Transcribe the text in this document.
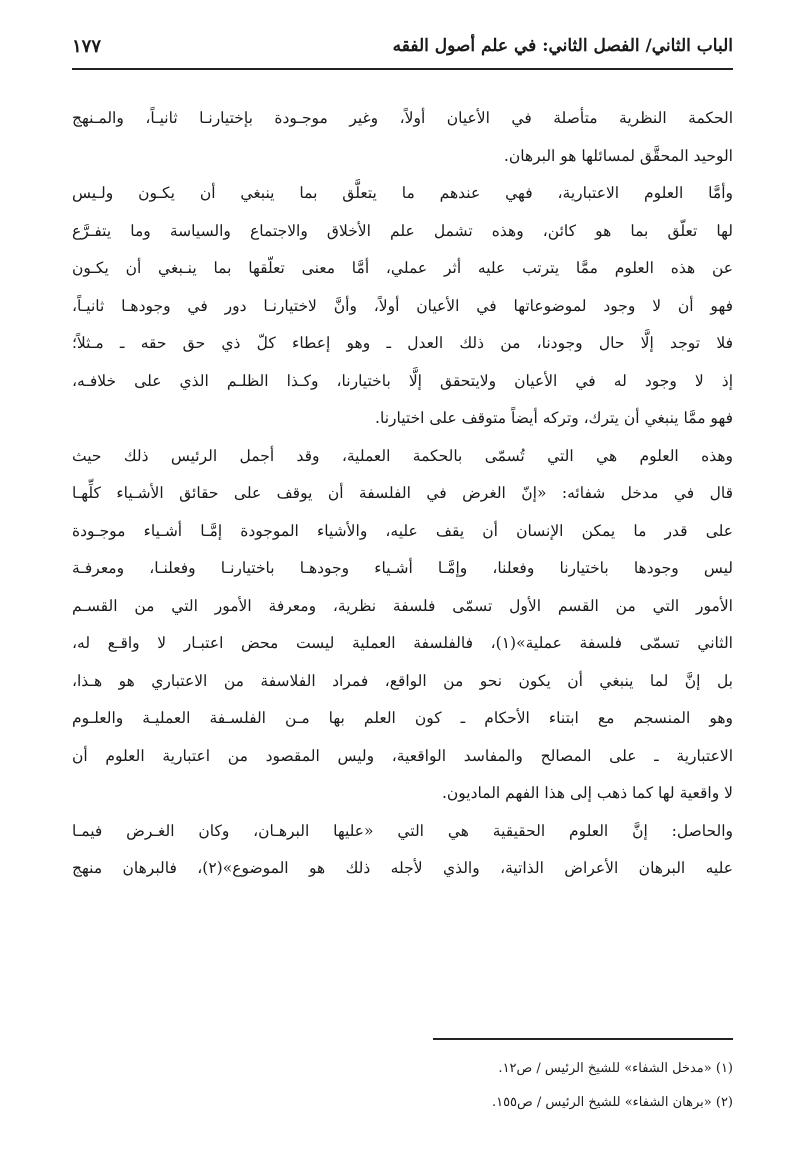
الباب الثاني/ الفصل الثاني: في علم أصول الفقه
١٧٧
الحكمة النظرية متأصلة في الأعيان أولاً، وغير موجـودة بإختيارنـا ثانيـاً، والمـنهج
الوحيد المحقَّق لمسائلها هو البرهان.
وأمَّا العلوم الاعتبارية، فهي عندهم ما يتعلَّق بما ينبغي أن يكـون ولـيس
لها تعلّق بما هو كائن، وهذه تشمل علم الأخلاق والاجتماع والسياسة وما يتفـرَّع
عن هذه العلوم ممَّا يترتب عليه أثر عملي، أمَّا معنى تعلّقها بما ينـبغي أن يكـون
فهو أن لا وجود لموضوعاتها في الأعيان أولاً، وأنَّ لاختيارنـا دور في وجودهـا ثانيـاً،
فلا توجد إلَّا حال وجودنا، من ذلك العدل ـ وهو إعطاء كلّ ذي حق حقه ـ مـثلاً؛
إذ لا وجود له في الأعيان ولايتحقق إلَّا باختيارنا، وكـذا الظلـم الذي على خلافـه،
فهو ممَّا ينبغي أن يترك، وتركه أيضاً متوقف على اختيارنا.
وهذه العلوم هي التي تُسمّى بالحكمة العملية، وقد أجمل الرئيس ذلك حيث
قال في مدخل شفائه: «إنّ الغرض في الفلسفة أن يوقف على حقائق الأشـياء كلِّهـا
على قدر ما يمكن الإنسان أن يقف عليه، والأشياء الموجودة إمَّـا أشـياء موجـودة
ليس وجودها باختيارنا وفعلنا، وإمَّـا أشـياء وجودهـا باختيارنـا وفعلنـا، ومعرفـة
الأمور التي من القسم الأول تسمّى فلسفة نظرية، ومعرفة الأمور التي من القسـم
الثاني تسمّى فلسفة عملية»(١)، فالفلسفة العملية ليست محض اعتبـار لا واقـع له،
بل إنَّ لما ينبغي أن يكون نحو من الواقع، فمراد الفلاسفة من الاعتباري هو هـذا،
وهو المنسجم مع ابتناء الأحكام ـ كون العلم بها مـن الفلسـفة العمليـة والعلـوم
الاعتبارية ـ على المصالح والمفاسد الواقعية، وليس المقصود من اعتبارية العلوم أن
لا واقعية لها كما ذهب إلى هذا الفهم الماديون.
والحاصل: إنَّ العلوم الحقيقية هي التي «عليها البرهـان، وكان الغـرض فيمـا
عليه البرهان الأعراض الذاتية، والذي لأجله ذلك هو الموضوع»(٢)، فالبرهان منهج
(١) «مدخل الشفاء» للشيخ الرئيس / ص١٢.
(٢) «برهان الشفاء» للشيخ الرئيس / ص١٥٥.
